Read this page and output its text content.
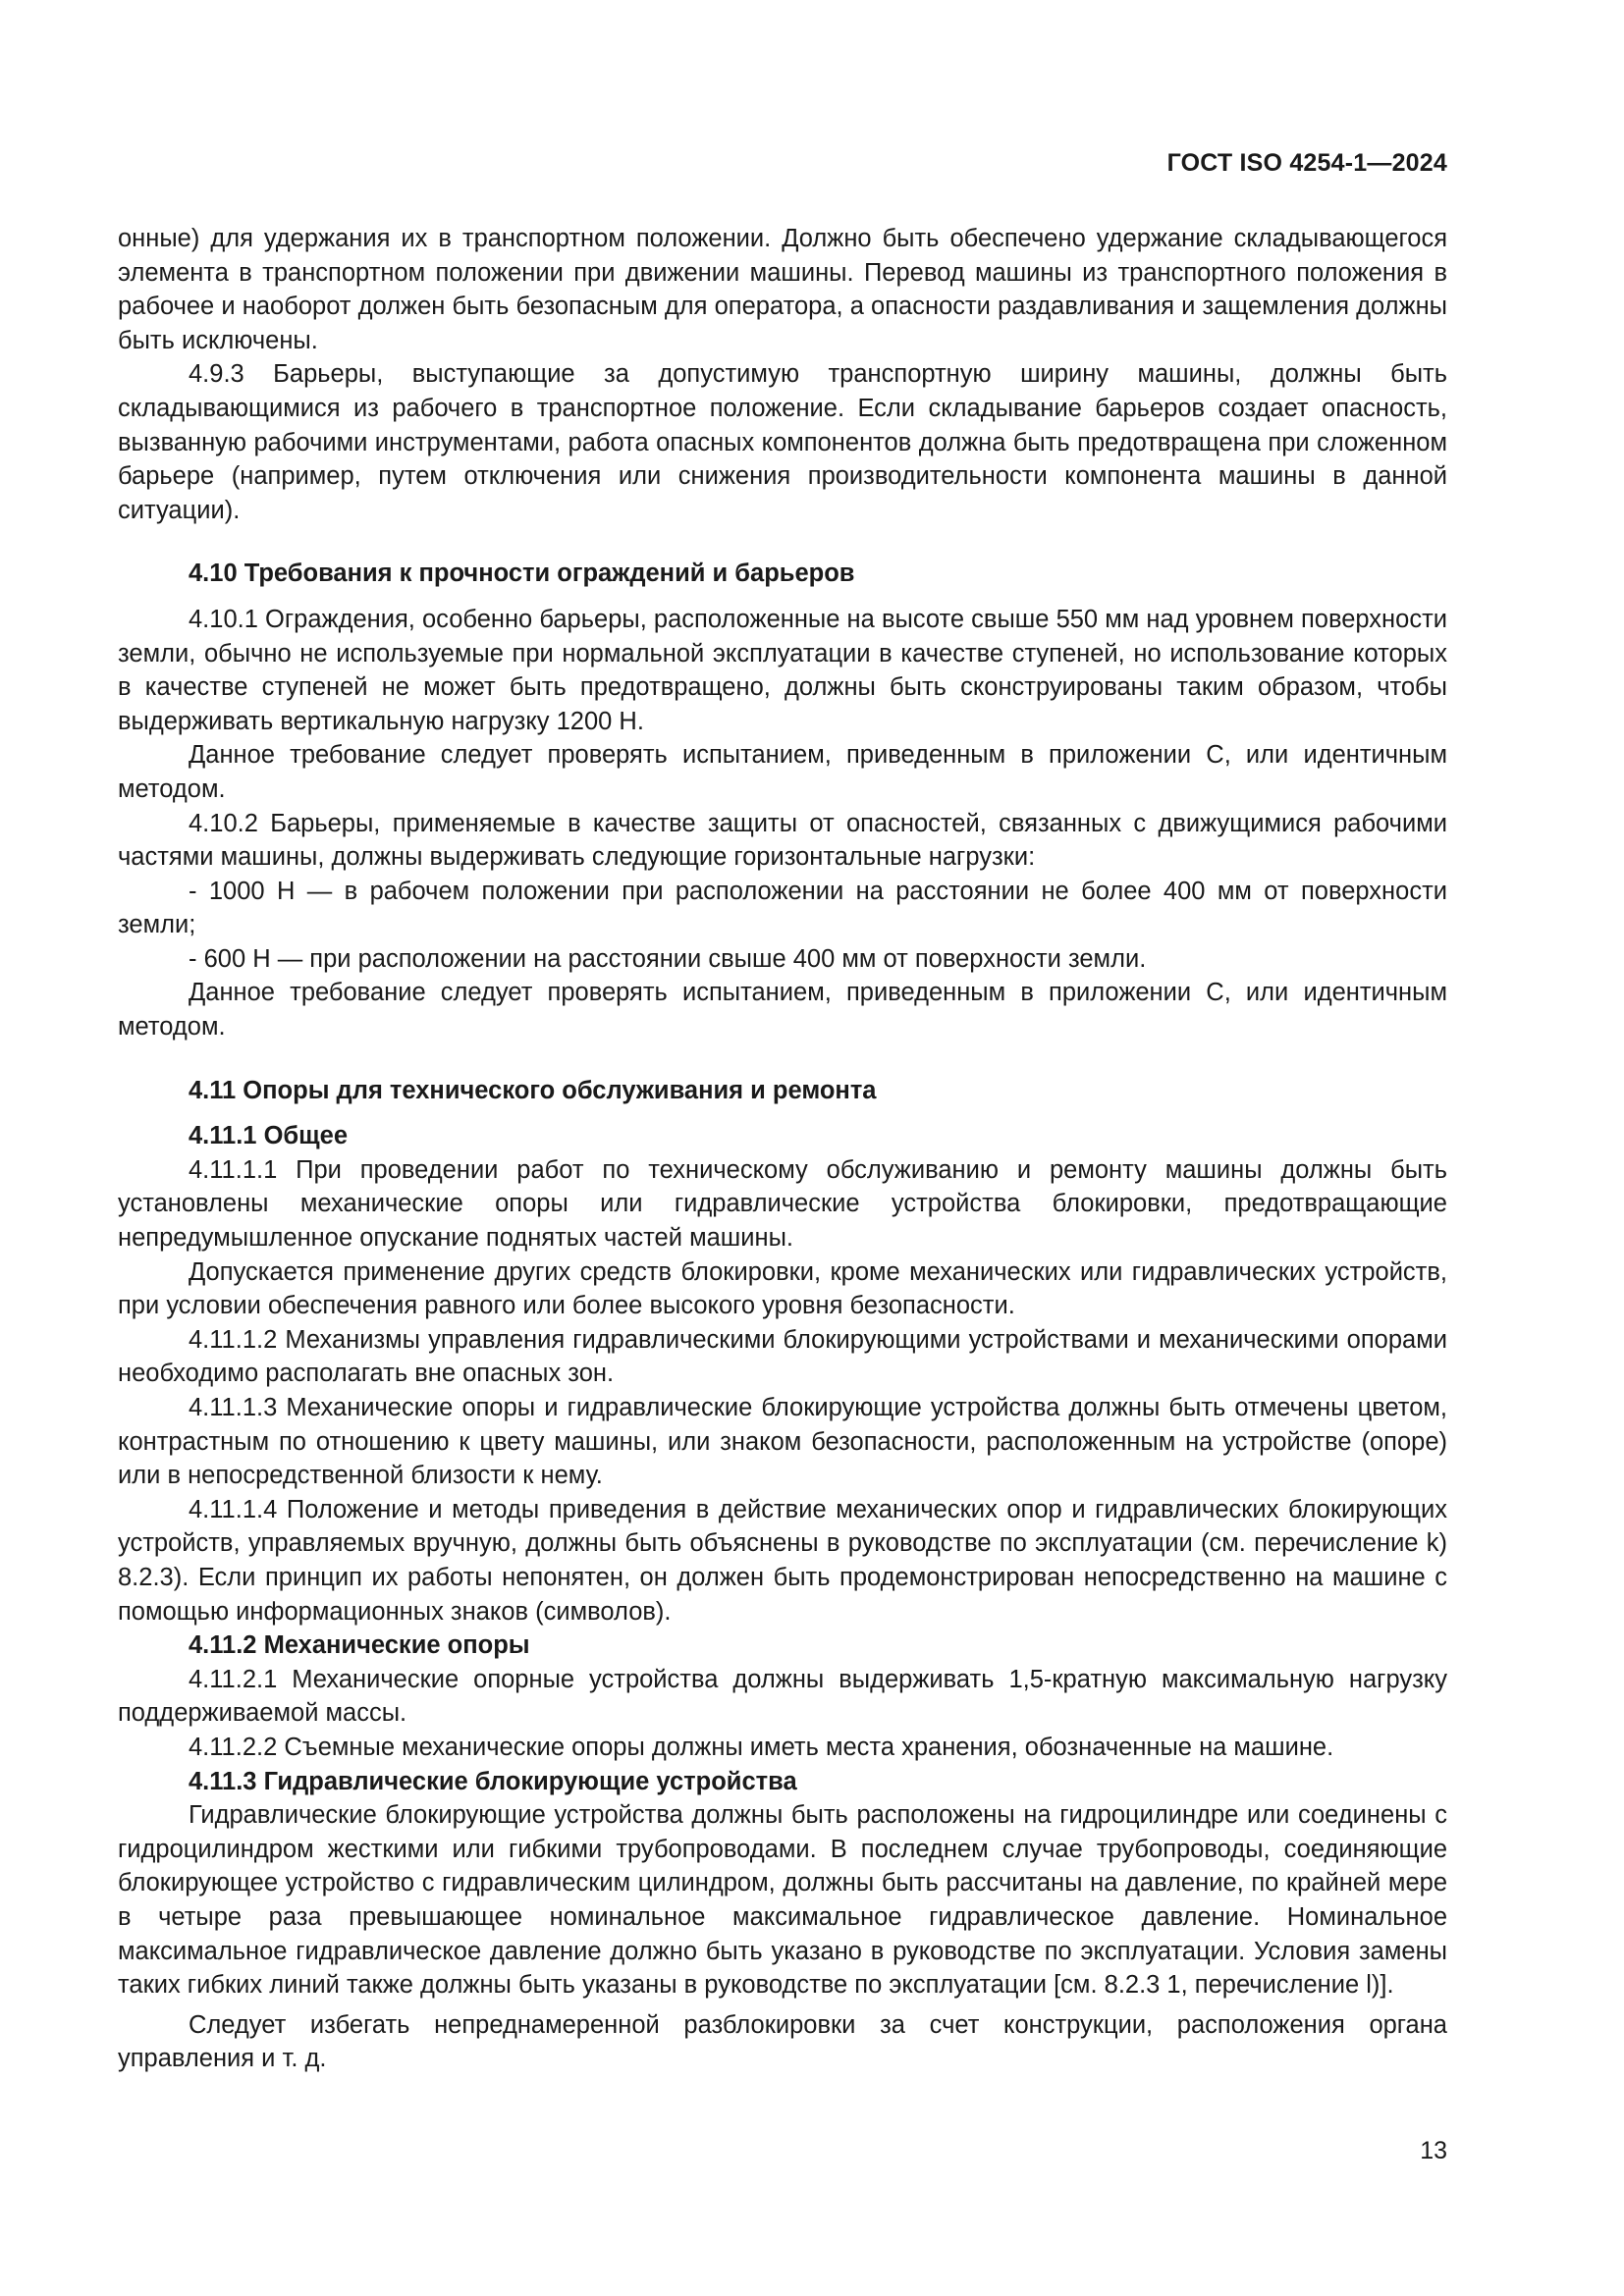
ГОСТ ISO 4254-1—2024

онные) для удержания их в транспортном положении. Должно быть обеспечено удержание складывающегося элемента в транспортном положении при движении машины. Перевод машины из транспортного положения в рабочее и наоборот должен быть безопасным для оператора, а опасности раздавливания и защемления должны быть исключены.

4.9.3 Барьеры, выступающие за допустимую транспортную ширину машины, должны быть складывающимися из рабочего в транспортное положение. Если складывание барьеров создает опасность, вызванную рабочими инструментами, работа опасных компонентов должна быть предотвращена при сложенном барьере (например, путем отключения или снижения производительности компонента машины в данной ситуации).

4.10 Требования к прочности ограждений и барьеров

4.10.1 Ограждения, особенно барьеры, расположенные на высоте свыше 550 мм над уровнем поверхности земли, обычно не используемые при нормальной эксплуатации в качестве ступеней, но использование которых в качестве ступеней не может быть предотвращено, должны быть сконструированы таким образом, чтобы выдерживать вертикальную нагрузку 1200 Н.

Данное требование следует проверять испытанием, приведенным в приложении С, или идентичным методом.

4.10.2 Барьеры, применяемые в качестве защиты от опасностей, связанных с движущимися рабочими частями машины, должны выдерживать следующие горизонтальные нагрузки:

- 1000 Н — в рабочем положении при расположении на расстоянии не более 400 мм от поверхности земли;

- 600 Н — при расположении на расстоянии свыше 400 мм от поверхности земли.

Данное требование следует проверять испытанием, приведенным в приложении С, или идентичным методом.

4.11 Опоры для технического обслуживания и ремонта

4.11.1 Общее

4.11.1.1 При проведении работ по техническому обслуживанию и ремонту машины должны быть установлены механические опоры или гидравлические устройства блокировки, предотвращающие непредумышленное опускание поднятых частей машины.

Допускается применение других средств блокировки, кроме механических или гидравлических устройств, при условии обеспечения равного или более высокого уровня безопасности.

4.11.1.2 Механизмы управления гидравлическими блокирующими устройствами и механическими опорами необходимо располагать вне опасных зон.

4.11.1.3 Механические опоры и гидравлические блокирующие устройства должны быть отмечены цветом, контрастным по отношению к цвету машины, или знаком безопасности, расположенным на устройстве (опоре) или в непосредственной близости к нему.

4.11.1.4 Положение и методы приведения в действие механических опор и гидравлических блокирующих устройств, управляемых вручную, должны быть объяснены в руководстве по эксплуатации (см. перечисление k) 8.2.3). Если принцип их работы непонятен, он должен быть продемонстрирован непосредственно на машине с помощью информационных знаков (символов).

4.11.2 Механические опоры

4.11.2.1 Механические опорные устройства должны выдерживать 1,5-кратную максимальную нагрузку поддерживаемой массы.

4.11.2.2 Съемные механические опоры должны иметь места хранения, обозначенные на машине.

4.11.3 Гидравлические блокирующие устройства

Гидравлические блокирующие устройства должны быть расположены на гидроцилиндре или соединены с гидроцилиндром жесткими или гибкими трубопроводами. В последнем случае трубопроводы, соединяющие блокирующее устройство с гидравлическим цилиндром, должны быть рассчитаны на давление, по крайней мере в четыре раза превышающее номинальное максимальное гидравлическое давление. Номинальное максимальное гидравлическое давление должно быть указано в руководстве по эксплуатации. Условия замены таких гибких линий также должны быть указаны в руководстве по эксплуатации [см. 8.2.3 1, перечисление l)].

Следует избегать непреднамеренной разблокировки за счет конструкции, расположения органа управления и т. д.

13
